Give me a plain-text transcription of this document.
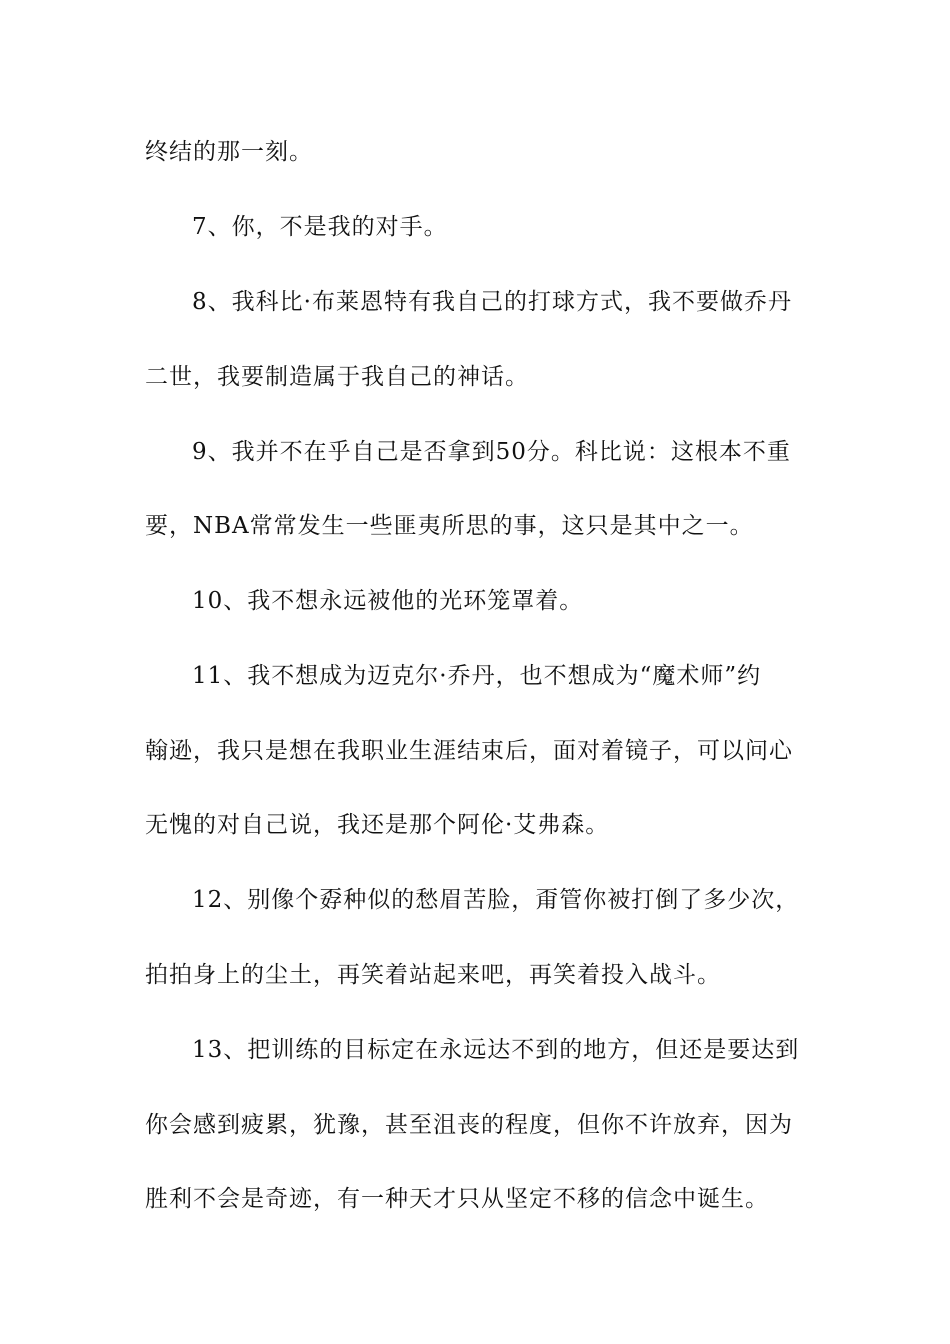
终结的那一刻。
7、你，不是我的对手。
8、我科比·布莱恩特有我自己的打球方式，我不要做乔丹
二世，我要制造属于我自己的神话。
9、我并不在乎自己是否拿到50分。科比说：这根本不重
要，NBA常常发生一些匪夷所思的事，这只是其中之一。
10、我不想永远被他的光环笼罩着。
11、我不想成为迈克尔·乔丹，也不想成为“魔术师”约
翰逊，我只是想在我职业生涯结束后，面对着镜子，可以问心
无愧的对自己说，我还是那个阿伦·艾弗森。
12、别像个孬种似的愁眉苦脸，甭管你被打倒了多少次，
拍拍身上的尘土，再笑着站起来吧，再笑着投入战斗。
13、把训练的目标定在永远达不到的地方，但还是要达到
你会感到疲累，犹豫，甚至沮丧的程度，但你不许放弃，因为
胜利不会是奇迹，有一种天才只从坚定不移的信念中诞生。
